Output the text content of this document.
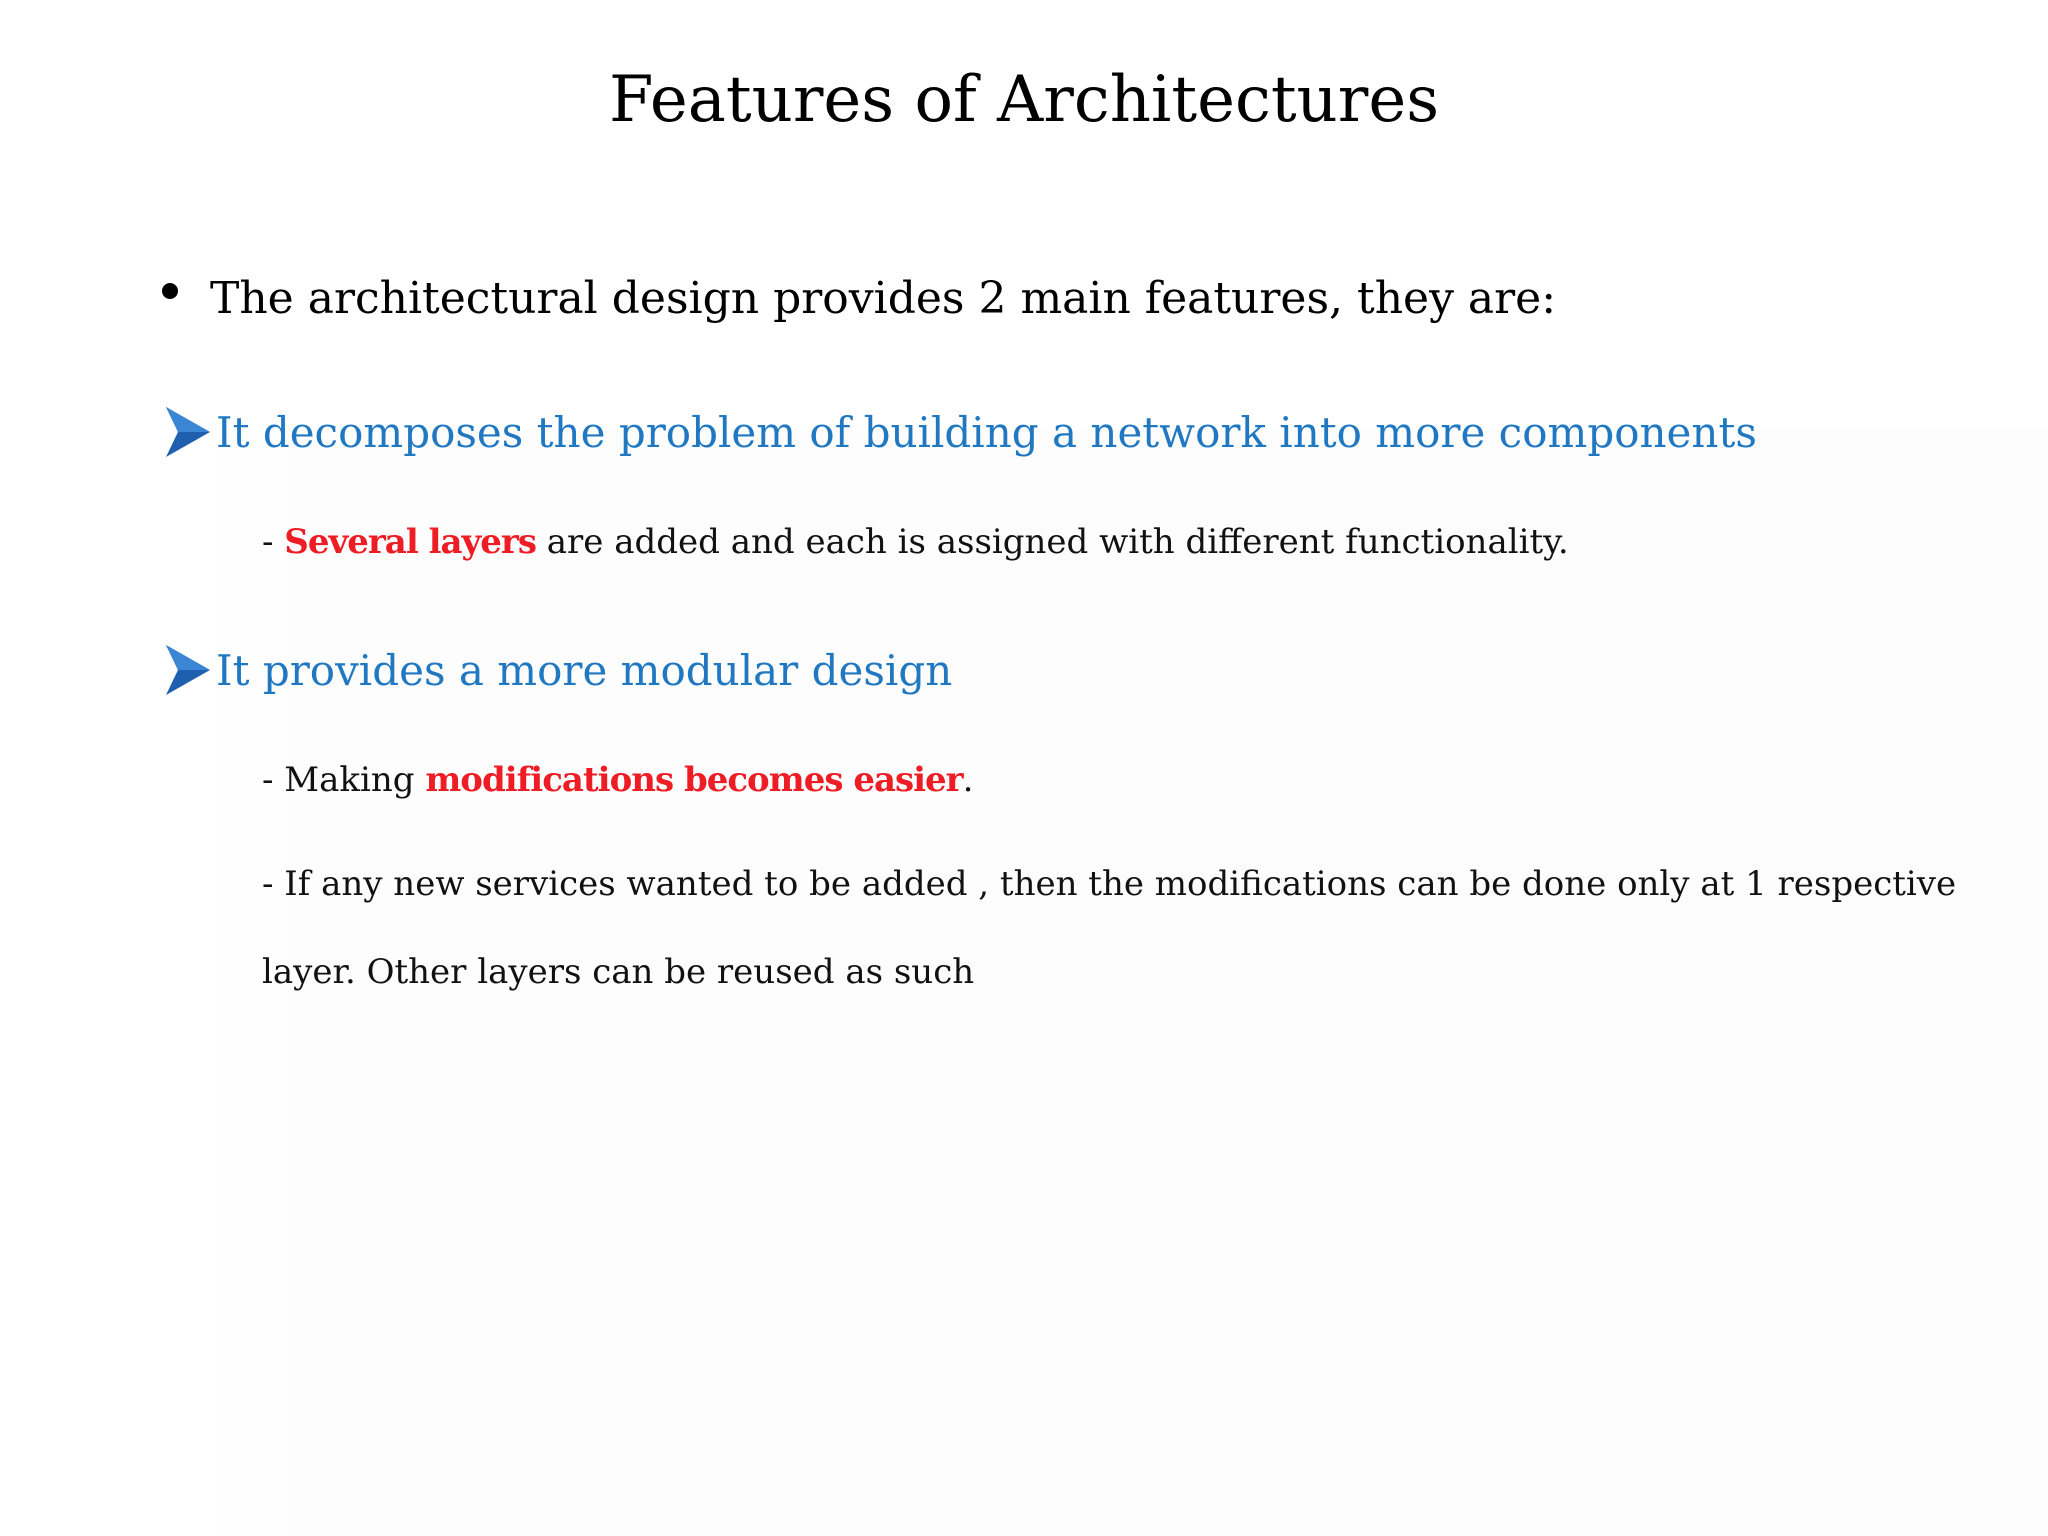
Features of Architectures
The architectural design provides 2 main features, they are:
It decomposes the problem of building a network into more components
- Several layers are added and each is assigned with different functionality.
It provides a more modular design
- Making modifications becomes easier.
- If any new services wanted to be added , then the modifications can be done only at 1 respective
layer. Other layers can be reused as such
